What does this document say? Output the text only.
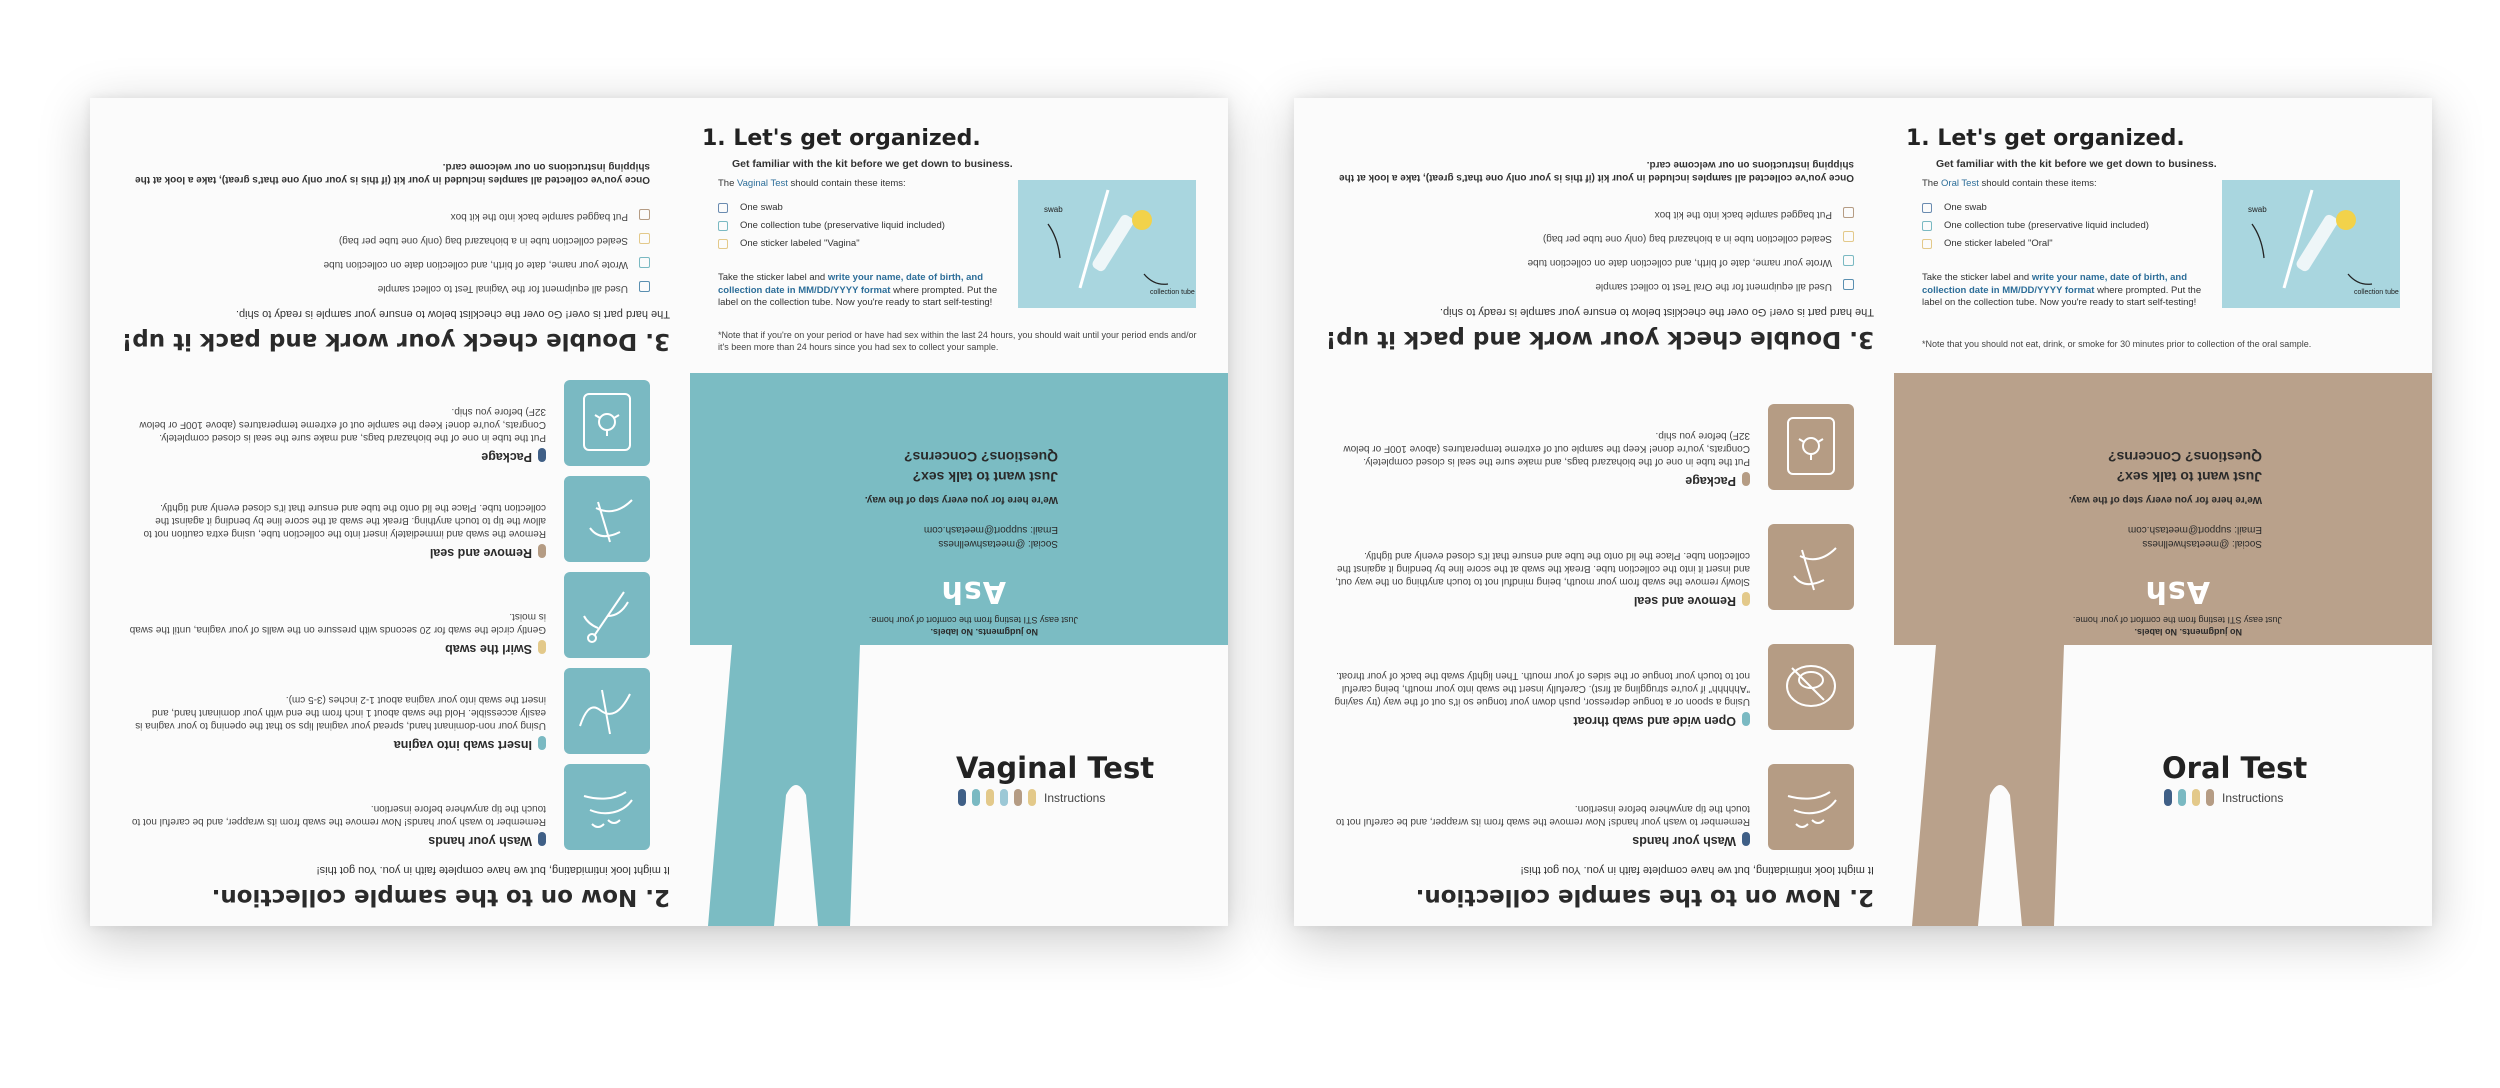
2. Now on to the sample collection.
It might look intimidating, but we have complete faith in you. You got this!
Wash your hands
Remember to wash your hands! Now remove the swab from its wrapper, and be careful not to touch the tip anywhere before insertion.
Insert swab into vagina
Using your non-dominant hand, spread your vaginal lips so that the opening to your vagina is easily accessible. Hold the swab about 1 inch from the end with your dominant hand, and insert the swab into your vagina about 1-2 inches (3-5 cm).
Swirl the swab
Gently circle the swab for 20 seconds with pressure on the walls of your vagina, until the swab is moist.
Remove and seal
Remove the swab and immediately insert into the collection tube, using extra caution not to allow the tip to touch anything. Break the swab at the score line by bending it against the collection tube. Place the lid onto the tube and ensure that it's closed evenly and tightly.
Package
Put the tube in one of the biohazard bags, and make sure the seal is closed completely. Congrats, you're done! Keep the sample out of extreme temperatures (above 100F or below 32F) before you ship.
3. Double check your work and pack it up!
The hard part is over! Go over the checklist below to ensure your sample is ready to ship.
Used all equipment for the Vaginal Test to collect sample
Wrote your name, date of birth, and collection date on collection tube
Sealed collection tube in a biohazard bag (only one tube per bag)
Put bagged sample back into the kit box
Once you've collected all samples included in your kit (if this is your only one that's great), take a look at the shipping instructions on our welcome card.
1. Let's get organized.
Get familiar with the kit before we get down to business.
The Vaginal Test should contain these items:
One swab
One collection tube (preservative liquid included)
One sticker labeled "Vagina"
swab
collection tube
Take the sticker label and write your name, date of birth, and collection date in MM/DD/YYYY format where prompted. Put the label on the collection tube. Now you're ready to start self-testing!
*Note that if you're on your period or have had sex within the last 24 hours, you should wait until your period ends and/or it's been more than 24 hours since you had sex to collect your sample.
No judgments. No labels.
Just easy STI testing from the comfort of your home.
Ash
Social: @meetashwellness
Email: support@meetash.com
We're here for you every step of the way.
Just want to talk sex?
Questions? Concerns?
Vaginal Test
Instructions
2. Now on to the sample collection.
It might look intimidating, but we have complete faith in you. You got this!
Wash your hands
Remember to wash your hands! Now remove the swab from its wrapper, and be careful not to touch the tip anywhere before insertion.
Open wide and swab throat
Using a spoon or a tongue depressor, push down your tongue so it's out of the way (try saying "Ahhhhh" if you're struggling at first). Carefully insert the swab into your mouth, being careful not to touch your tongue or the sides of your mouth. Then lightly swab the back of your throat.
Remove and seal
Slowly remove the swab from your mouth, being mindful not to touch anything on the way out, and insert it into the collection tube. Break the swab at the score line by bending it against the collection tube. Place the lid onto the tube and ensure that it's closed evenly and tightly.
Package
Put the tube in one of the biohazard bags, and make sure the seal is closed completely. Congrats, you're done! Keep the sample out of extreme temperatures (above 100F or below 32F) before you ship.
3. Double check your work and pack it up!
The hard part is over! Go over the checklist below to ensure your sample is ready to ship.
Used all equipment for the Oral Test to collect sample
Wrote your name, date of birth, and collection date on collection tube
Sealed collection tube in a biohazard bag (only one tube per bag)
Put bagged sample back into the kit box
Once you've collected all samples included in your kit (if this is your only one that's great), take a look at the shipping instructions on our welcome card.
1. Let's get organized.
Get familiar with the kit before we get down to business.
The Oral Test should contain these items:
One swab
One collection tube (preservative liquid included)
One sticker labeled "Oral"
swab
collection tube
Take the sticker label and write your name, date of birth, and collection date in MM/DD/YYYY format where prompted. Put the label on the collection tube. Now you're ready to start self-testing!
*Note that you should not eat, drink, or smoke for 30 minutes prior to collection of the oral sample.
No judgments. No labels.
Just easy STI testing from the comfort of your home.
Ash
Social: @meetashwellness
Email: support@meetash.com
We're here for you every step of the way.
Just want to talk sex?
Questions? Concerns?
Oral Test
Instructions
